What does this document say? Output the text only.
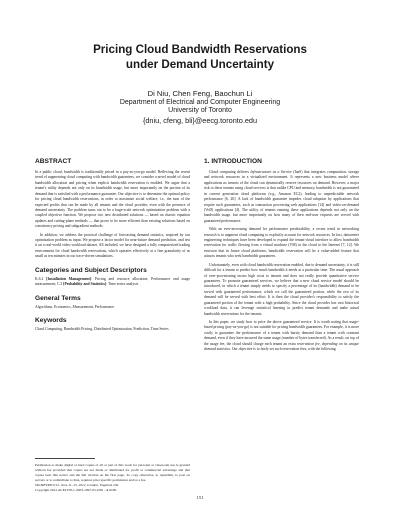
Pricing Cloud Bandwidth Reservations
under Demand Uncertainty
Di Niu, Chen Feng, Baochun Li
Department of Electrical and Computer Engineering
University of Toronto
{dniu, cfeng, bli}@eecg.toronto.edu
ABSTRACT

In a public cloud, bandwidth is traditionally priced in a pay-as-you-go model. Reflecting the recent trend of augmenting cloud computing with bandwidth guarantees, we consider a novel model of cloud bandwidth allocation and pricing when explicit bandwidth reservation is enabled. We argue that a tenant's utility depends not only on its bandwidth usage, but more importantly on the portion of its demand that is satisfied with a performance guarantee. Our objective is to determine the optimal policy for pricing cloud bandwidth reservations, in order to maximize social welfare, i.e., the sum of the expected profits that can be made by all tenants and the cloud provider, even with the presence of demand uncertainty. The problem turns out to be a large-scale network optimization problem with a coupled objective function. We propose two new distributed solutions — based on chaotic equation updates and cutting-plane methods — that prove to be more efficient than existing solutions based on consistency pricing and subgradient methods.

In addition, we address the practical challenge of forecasting demand statistics, required by our optimization problem as input. We propose a factor model for near-future demand prediction, and test it on a real-world video workload dataset. All included, we have designed a fully computerized trading environment for cloud bandwidth reservations, which operates effectively at a fine granularity of as small as ten minutes in our trace-driven simulations.

Categories and Subject Descriptors

K.6.2 [Installation Management]: Pricing and resource allocation; Performance and usage measurement; C.3 [Probability and Statistics]: Time series analysis

General Terms

Algorithms, Economics, Measurement, Performance

Keywords

Cloud Computing, Bandwidth Pricing, Distributed Optimization, Prediction, Time Series

Permission to make digital or hard copies of all or part of this work for personal or classroom use is granted without fee provided that copies are not made or distributed for profit or commercial advantage and that copies bear this notice and the full citation on the first page. To copy otherwise, to republish, to post on servers or to redistribute to lists, requires prior specific permission and/or a fee.
SIGMETRICS'12, June 11–15, 2012, London, England, UK.
Copyright 2012 ACM 978-1-4503-1097-0/12/06 ...$10.00.
1. INTRODUCTION

Cloud computing delivers Infrastructure as a Service (IaaS) that integrates computation, storage and network resources in a virtualized environment. It represents a new business model where applications as tenants of the cloud can dynamically reserve resources on demand. However, a major risk to these tenants using cloud services is that unlike CPU and memory, bandwidth is not guaranteed in current generation cloud platforms (e.g., Amazon EC2), leading to unpredictable network performance [6, 20]. A lack of bandwidth guarantee impedes cloud adoption by applications that require such guarantees, such as transaction processing web applications [14] and video-on-demand (VoD) applications [4]. The utility of tenants running these applications depends not only on the bandwidth usage, but more importantly on how many of their end-user requests are served with guaranteed performance.

With an ever-increasing demand for performance predictability, a recent trend in networking research is to augment cloud computing to explicitly account for network resources. In fact, datacenter engineering techniques have been developed to expand the tenant-cloud interface to allow bandwidth reservation for traffic flowing from a virtual machine (VM) in the cloud to the Internet [7, 12]. We envision that in future cloud platforms, bandwidth reservation will be a value-added feature that attracts tenants who seek bandwidth guarantees.

Unfortunately, even with cloud bandwidth reservation enabled, due to demand uncertainty, it is still difficult for a tenant to predict how much bandwidth it needs at a particular time. The usual approach of over-provisioning incurs high costs to tenants and does not really provide quantitative service guarantees. To promote guaranteed services, we believe that a new cloud service model should be introduced, in which a tenant simply needs to specify a percentage of its (bandwidth) demand to be served with guaranteed performance, which we call the guaranteed portion, while the rest of its demand will be served with best effort. It is then the cloud provider's responsibility to satisfy the guaranteed portion of the tenant with a high probability. Since the cloud provider has vast historical workload data, it can leverage statistical learning to predict tenant demands and make actual bandwidth reservations for the tenants.

In this paper, we study how to price the above guaranteed service. It is worth noting that usage-based pricing (pay-as-you-go) is not suitable for pricing bandwidth guarantees. For example, it is more costly to guarantee the performance of a tenant with bursty demand than a tenant with constant demand, even if they have incurred the same usage (number of bytes transferred). As a result, on top of the usage fee, the cloud should charge each tenant an extra reservation fee, depending on its unique demand statistics. Our objective is to fairly set such reservation fees, with the following

151
